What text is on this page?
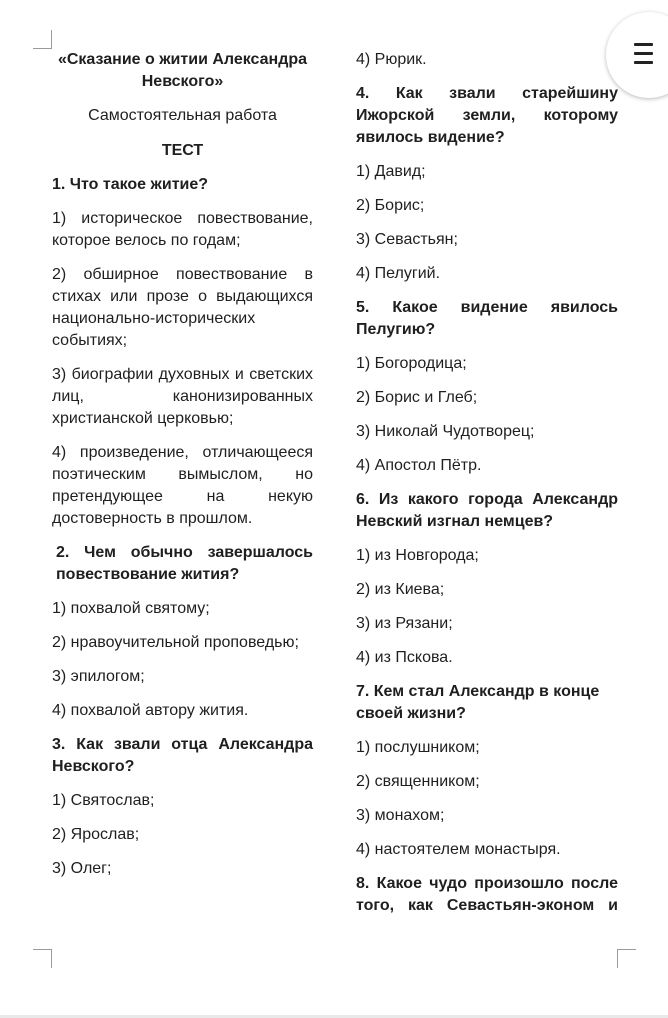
«Сказание о житии Александра Невского»

Самостоятельная работа

ТЕСТ

1. Что такое житие?

1) историческое повествование, которое велось по годам;

2) обширное повествование в стихах или прозе о выдающихся национально-исторических событиях;

3) биографии духовных и светских лиц, канонизированных христианской церковью;

4) произведение, отличающееся поэтическим вымыслом, но претендующее на некую достоверность в прошлом.

2. Чем обычно завершалось повествование жития?

1) похвалой святому;

2) нравоучительной проповедью;

3) эпилогом;

4) похвалой автору жития.

3. Как звали отца Александра Невского?

1) Святослав;

2) Ярослав;

3) Олег;

4) Рюрик.

4. Как звали старейшину Ижорской земли, которому явилось видение?

1) Давид;

2) Борис;

3) Севастьян;

4) Пелугий.

5. Какое видение явилось Пелугию?

1) Богородица;

2) Борис и Глеб;

3) Николай Чудотворец;

4) Апостол Пётр.

6. Из какого города Александр Невский изгнал немцев?

1) из Новгорода;

2) из Киева;

3) из Рязани;

4) из Пскова.

7. Кем стал Александр в конце своей жизни?

1) послушником;

2) священником;

3) монахом;

4) настоятелем монастыря.

8. Какое чудо произошло после того, как Севастьян-эконом и
